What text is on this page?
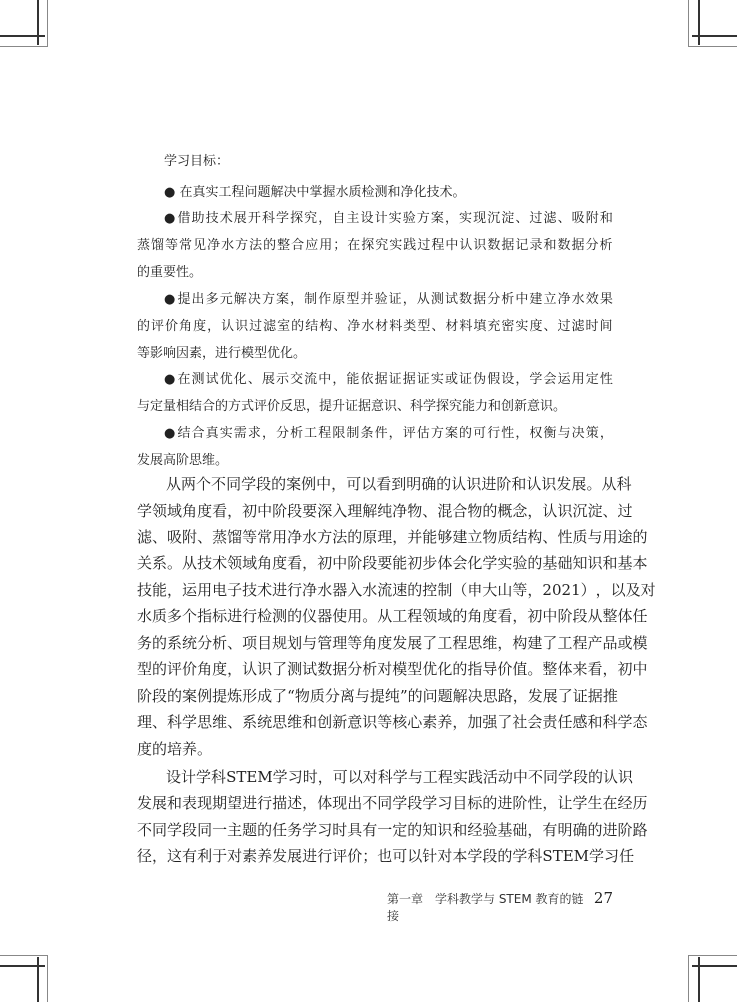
学习目标：
● 在真实工程问题解决中掌握水质检测和净化技术。
● 借 助 技 术 展 开 科 学 探 究 ， 自 主 设 计 实 验 方 案 ， 实 现 沉 淀 、 过 滤 、 吸 附 和
蒸 馏 等 常 见 净 水 方 法 的 整 合 应 用 ； 在 探 究 实 践 过 程 中 认 识 数 据 记 录 和 数 据 分 析
的重要性。
● 提 出 多 元 解 决 方 案 ， 制 作 原 型 并 验 证 ， 从 测 试 数 据 分 析 中 建 立 净 水 效 果
的 评 价 角 度 ， 认 识 过 滤 室 的 结 构 、 净 水 材 料 类 型 、 材 料 填 充 密 实 度 、 过 滤 时 间
等影响因素，进行模型优化。
● 在 测 试 优 化 、 展 示 交 流 中 ， 能 依 据 证 据 证 实 或 证 伪 假 设 ， 学 会 运 用 定 性
与定量相结合的方式评价反思，提升证据意识、科学探究能力和创新意识。
● 结 合 真 实 需 求 ， 分 析 工 程 限 制 条 件 ， 评 估 方 案 的 可 行 性 ， 权 衡 与 决 策 ，
发展高阶思维。
从 两 个 不 同 学 段 的 案 例 中 ， 可 以 看 到 明 确 的 认 识 进 阶 和 认 识 发 展 。 从 科
学 领 域 角 度 看 ， 初 中 阶 段 要 深 入 理 解 纯 净 物 、 混 合 物 的 概 念 ， 认 识 沉 淀 、 过
滤 、 吸 附 、 蒸 馏 等 常 用 净 水 方 法 的 原 理 ， 并 能 够 建 立 物 质 结 构 、 性 质 与 用 途 的
关 系 。 从 技 术 领 域 角 度 看 ， 初 中 阶 段 要 能 初 步 体 会 化 学 实 验 的 基 础 知 识 和 基 本
技 能 ， 运 用 电 子 技 术 进 行 净 水 器 入 水 流 速 的 控 制 （ 申 大 山 等 ， 2 0 2 1 ） ， 以 及 对
水 质 多 个 指 标 进 行 检 测 的 仪 器 使 用 。 从 工 程 领 域 的 角 度 看 ， 初 中 阶 段 从 整 体 任
务 的 系 统 分 析 、 项 目 规 划 与 管 理 等 角 度 发 展 了 工 程 思 维 ， 构 建 了 工 程 产 品 或 模
型 的 评 价 角 度 ， 认 识 了 测 试 数 据 分 析 对 模 型 优 化 的 指 导 价 值 。 整 体 来 看 ， 初 中
阶 段 的 案 例 提 炼 形 成 了 “ 物 质 分 离 与 提 纯 ” 的 问 题 解 决 思 路 ， 发 展 了 证 据 推
理 、 科 学 思 维 、 系 统 思 维 和 创 新 意 识 等 核 心 素 养 ， 加 强 了 社 会 责 任 感 和 科 学 态
度的培养。
设 计 学 科 S T E M 学 习 时 ， 可 以 对 科 学 与 工 程 实 践 活 动 中 不 同 学 段 的 认 识
发 展 和 表 现 期 望 进 行 描 述 ， 体 现 出 不 同 学 段 学 习 目 标 的 进 阶 性 ， 让 学 生 在 经 历
不 同 学 段 同 一 主 题 的 任 务 学 习 时 具 有 一 定 的 知 识 和 经 验 基 础 ， 有 明 确 的 进 阶 路
径 ， 这 有 利 于 对 素 养 发 展 进 行 评 价 ； 也 可 以 针 对 本 学 段 的 学 科 S T E M 学 习 任
第一章　学科教学与 STEM 教育的链接
27
